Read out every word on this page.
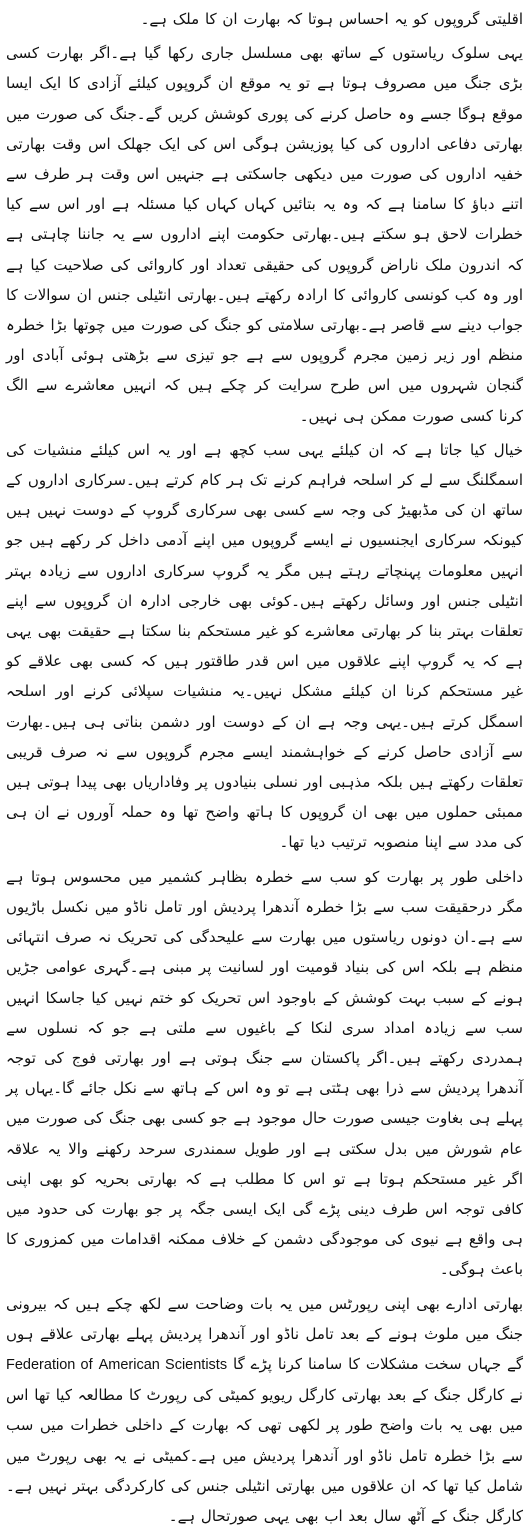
اقلیتی گروپوں کو یہ احساس ہوتا کہ بھارت ان کا ملک ہے۔

یہی سلوک ریاستوں کے ساتھ بھی مسلسل جاری رکھا گیا ہے۔اگر بھارت کسی بڑی جنگ میں مصروف ہوتا ہے تو یہ موقع ان گروپوں کیلئے آزادی کا ایک ایسا موقع ہوگا جسے وہ حاصل کرنے کی پوری کوشش کریں گے۔جنگ کی صورت میں بھارتی دفاعی اداروں کی کیا پوزیشن ہوگی اس کی ایک جھلک اس وقت بھارتی خفیہ اداروں کی صورت میں دیکھی جاسکتی ہے جنہیں اس وقت ہر طرف سے اتنے دباؤ کا سامنا ہے کہ وہ یہ بتائیں کہاں کہاں کیا مسئلہ ہے اور اس سے کیا خطرات لاحق ہو سکتے ہیں۔بھارتی حکومت اپنے اداروں سے یہ جاننا چاہتی ہے کہ اندرون ملک ناراض گروپوں کی حقیقی تعداد اور کاروائی کی صلاحیت کیا ہے اور وہ کب کونسی کاروائی کا ارادہ رکھتے ہیں۔بھارتی انٹیلی جنس ان سوالات کا جواب دینے سے قاصر ہے۔بھارتی سلامتی کو جنگ کی صورت میں چوتھا بڑا خطرہ منظم اور زیر زمین مجرم گروپوں سے ہے جو تیزی سے بڑھتی ہوئی آبادی اور گنجان شہروں میں اس طرح سرایت کر چکے ہیں کہ انہیں معاشرے سے الگ کرنا کسی صورت ممکن ہی نہیں۔

خیال کیا جاتا ہے کہ ان کیلئے یہی سب کچھ ہے اور یہ اس کیلئے منشیات کی اسمگلنگ سے لے کر اسلحہ فراہم کرنے تک ہر کام کرتے ہیں۔سرکاری اداروں کے ساتھ ان کی مڈبھیڑ کی وجہ سے کسی بھی سرکاری گروپ کے دوست نہیں ہیں کیونکہ سرکاری ایجنسیوں نے ایسے گروپوں میں اپنے آدمی داخل کر رکھے ہیں جو انہیں معلومات پہنچاتے رہتے ہیں مگر یہ گروپ سرکاری اداروں سے زیادہ بہتر انٹیلی جنس اور وسائل رکھتے ہیں۔کوئی بھی خارجی ادارہ ان گروپوں سے اپنے تعلقات بہتر بنا کر بھارتی معاشرے کو غیر مستحکم بنا سکتا ہے حقیقت بھی یہی ہے کہ یہ گروپ اپنے علاقوں میں اس قدر طاقتور ہیں کہ کسی بھی علاقے کو غیر مستحکم کرنا ان کیلئے مشکل نہیں۔یہ منشیات سپلائی کرنے اور اسلحہ اسمگل کرتے ہیں۔یہی وجہ ہے ان کے دوست اور دشمن بناتی ہی ہیں۔بھارت سے آزادی حاصل کرنے کے خواہشمند ایسے مجرم گروپوں سے نہ صرف قریبی تعلقات رکھتے ہیں بلکہ مذہبی اور نسلی بنیادوں پر وفاداریاں بھی پیدا ہوتی ہیں ممبئی حملوں میں بھی ان گروپوں کا ہاتھ واضح تھا وہ حملہ آوروں نے ان ہی کی مدد سے اپنا منصوبہ ترتیب دیا تھا۔

داخلی طور پر بھارت کو سب سے خطرہ بظاہر کشمیر میں محسوس ہوتا ہے مگر درحقیقت سب سے بڑا خطرہ آندھرا پردیش اور تامل ناڈو میں نکسل باڑیوں سے ہے۔ان دونوں ریاستوں میں بھارت سے علیحدگی کی تحریک نہ صرف انتہائی منظم ہے بلکہ اس کی بنیاد قومیت اور لسانیت پر مبنی ہے۔گہری عوامی جڑیں ہونے کے سبب بہت کوشش کے باوجود اس تحریک کو ختم نہیں کیا جاسکا انہیں سب سے زیادہ امداد سری لنکا کے باغیوں سے ملتی ہے جو کہ نسلوں سے ہمدردی رکھتے ہیں۔اگر پاکستان سے جنگ ہوتی ہے اور بھارتی فوج کی توجہ آندھرا پردیش سے ذرا بھی ہٹتی ہے تو وہ اس کے ہاتھ سے نکل جائے گا۔یہاں پر پہلے ہی بغاوت جیسی صورت حال موجود ہے جو کسی بھی جنگ کی صورت میں عام شورش میں بدل سکتی ہے اور طویل سمندری سرحد رکھنے والا یہ علاقہ اگر غیر مستحکم ہوتا ہے تو اس کا مطلب ہے کہ بھارتی بحریہ کو بھی اپنی کافی توجہ اس طرف دینی پڑے گی ایک ایسی جگہ پر جو بھارت کی حدود میں ہی واقع ہے نیوی کی موجودگی دشمن کے خلاف ممکنہ اقدامات میں کمزوری کا باعث ہوگی۔

بھارتی ادارے بھی اپنی رپورٹس میں یہ بات وضاحت سے لکھ چکے ہیں کہ بیرونی جنگ میں ملوث ہونے کے بعد تامل ناڈو اور آندھرا پردیش پہلے بھارتی علاقے ہوں گے جہاں سخت مشکلات کا سامنا کرنا پڑے گا Federation of American Scientists نے کارگل جنگ کے بعد بھارتی کارگل ریویو کمیٹی کی رپورٹ کا مطالعہ کیا تھا اس میں بھی یہ بات واضح طور پر لکھی تھی کہ بھارت کے داخلی خطرات میں سب سے بڑا خطرہ تامل ناڈو اور آندھرا پردیش میں ہے۔کمیٹی نے یہ بھی رپورٹ میں شامل کیا تھا کہ ان علاقوں میں بھارتی انٹیلی جنس کی کارکردگی بہتر نہیں ہے۔کارگل جنگ کے آٹھ سال بعد اب بھی یہی صورتحال ہے۔
